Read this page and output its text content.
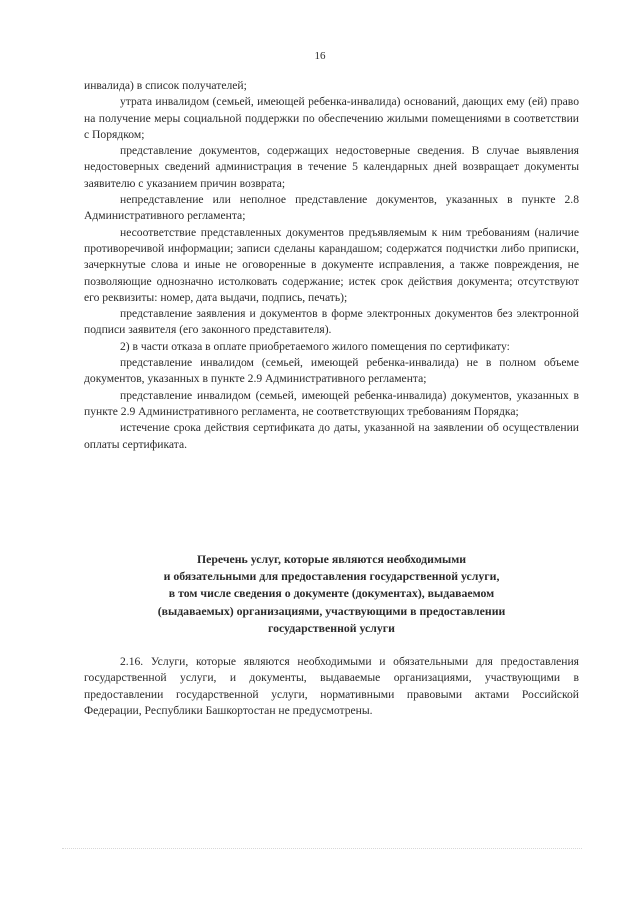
16

инвалида) в список получателей;

утрата инвалидом (семьей, имеющей ребенка-инвалида) оснований, дающих ему (ей) право на получение меры социальной поддержки по обеспечению жилыми помещениями в соответствии с Порядком;

представление документов, содержащих недостоверные сведения. В случае выявления недостоверных сведений администрация в течение 5 календарных дней возвращает документы заявителю с указанием причин возврата;

непредставление или неполное представление документов, указанных в пункте 2.8 Административного регламента;

несоответствие представленных документов предъявляемым к ним требованиям (наличие противоречивой информации; записи сделаны карандашом; содержатся подчистки либо приписки, зачеркнутые слова и иные не оговоренные в документе исправления, а также повреждения, не позволяющие однозначно истолковать содержание; истек срок действия документа; отсутствуют его реквизиты: номер, дата выдачи, подпись, печать);

представление заявления и документов в форме электронных документов без электронной подписи заявителя (его законного представителя).

2) в части отказа в оплате приобретаемого жилого помещения по сертификату:

представление инвалидом (семьей, имеющей ребенка-инвалида) не в полном объеме документов, указанных в пункте 2.9 Административного регламента;

представление инвалидом (семьей, имеющей ребенка-инвалида) документов, указанных в пункте 2.9 Административного регламента, не соответствующих требованиям Порядка;

истечение срока действия сертификата до даты, указанной на заявлении об осуществлении оплаты сертификата.

Перечень услуг, которые являются необходимыми
и обязательными для предоставления государственной услуги,
в том числе сведения о документе (документах), выдаваемом
(выдаваемых) организациями, участвующими в предоставлении
государственной услуги

2.16. Услуги, которые являются необходимыми и обязательными для предоставления государственной услуги, и документы, выдаваемые организациями, участвующими в предоставлении государственной услуги, нормативными правовыми актами Российской Федерации, Республики Башкортостан не предусмотрены.
